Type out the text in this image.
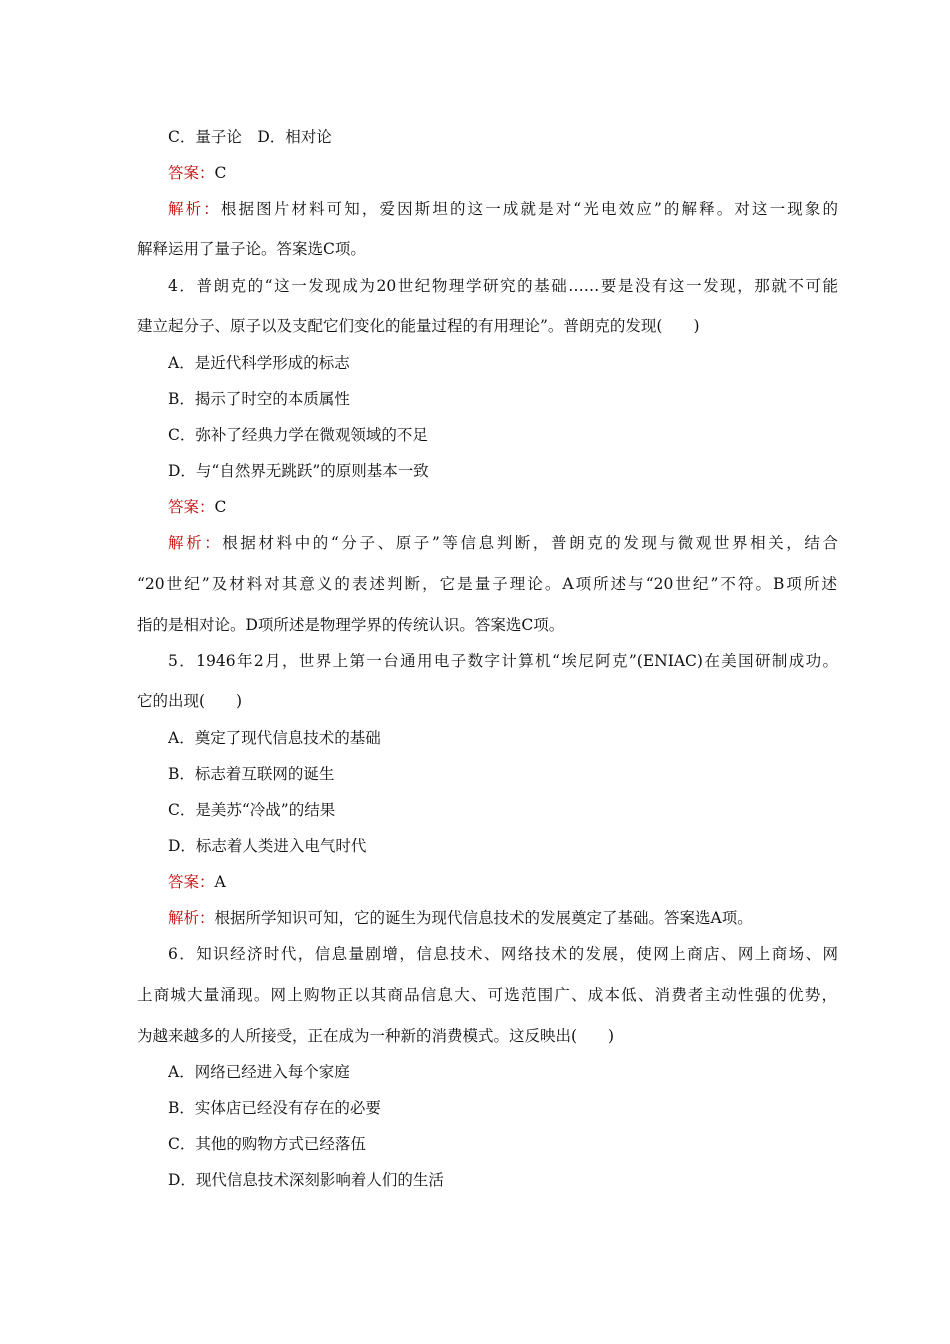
C．量子论　D．相对论
答案：C
解析：根据图片材料可知，爱因斯坦的这一成就是对“光电效应”的解释。对这一现象的
解释运用了量子论。答案选C项。
4．普朗克的“这一发现成为20世纪物理学研究的基础……要是没有这一发现，那就不可能
建立起分子、原子以及支配它们变化的能量过程的有用理论”。普朗克的发现(　　)
A．是近代科学形成的标志
B．揭示了时空的本质属性
C．弥补了经典力学在微观领域的不足
D．与“自然界无跳跃”的原则基本一致
答案：C
解析：根据材料中的“分子、原子”等信息判断，普朗克的发现与微观世界相关，结合
“20世纪”及材料对其意义的表述判断，它是量子理论。A项所述与“20世纪”不符。B项所述
指的是相对论。D项所述是物理学界的传统认识。答案选C项。
5．1946年2月，世界上第一台通用电子数字计算机“埃尼阿克”(ENIAC)在美国研制成功。
它的出现(　　)
A．奠定了现代信息技术的基础
B．标志着互联网的诞生
C．是美苏“冷战”的结果
D．标志着人类进入电气时代
答案：A
解析：根据所学知识可知，它的诞生为现代信息技术的发展奠定了基础。答案选A项。
6．知识经济时代，信息量剧增，信息技术、网络技术的发展，使网上商店、网上商场、网
上商城大量涌现。网上购物正以其商品信息大、可选范围广、成本低、消费者主动性强的优势，
为越来越多的人所接受，正在成为一种新的消费模式。这反映出(　　)
A．网络已经进入每个家庭
B．实体店已经没有存在的必要
C．其他的购物方式已经落伍
D．现代信息技术深刻影响着人们的生活
